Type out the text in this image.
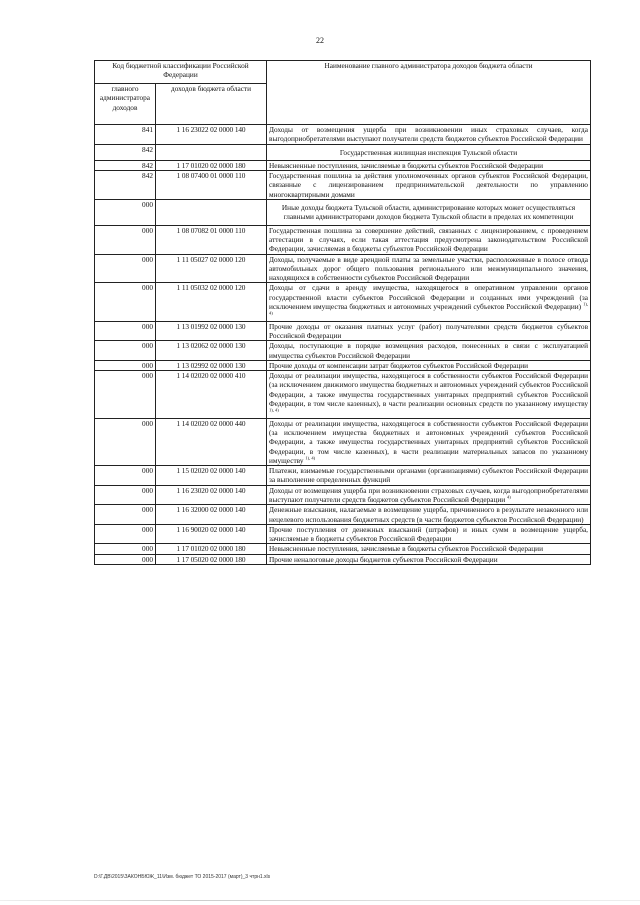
22
Код бюджетной классификации Российской Федерации		Наименование главного администратора доходов бюджета области
главного администратора доходов	доходов бюджета области	
841	1 16 23022 02 0000 140	Доходы от возмещения ущерба при возникновении иных страховых случаев, когда выгодоприобретателями выступают получатели средств бюджетов субъектов Российской Федерации
842		Государственная жилищная инспекция Тульской области
842	1 17 01020 02 0000 180	Невыясненные поступления, зачисляемые в бюджеты субъектов Российской Федерации
842	1 08 07400 01 0000 110	Государственная пошлина за действия уполномоченных органов субъектов Российской Федерации, связанные с лицензированием предпринимательской деятельности по управлению многоквартирными домами
000		Иные доходы бюджета Тульской области, администрирование которых может осуществляться главными администраторами доходов бюджета Тульской области в пределах их компетенции
000	1 08 07082 01 0000 110	Государственная пошлина за совершение действий, связанных с лицензированием, с проведением аттестации в случаях, если такая аттестация предусмотрена законодательством Российской Федерации, зачисляемая в бюджеты субъектов Российской Федерации
000	1 11 05027 02 0000 120	Доходы, получаемые в виде арендной платы за земельные участки, расположенные в полосе отвода автомобильных дорог общего пользования регионального или межмуниципального значения, находящихся в собственности субъектов Российской Федерации
000	1 11 05032 02 0000 120	Доходы от сдачи в аренду имущества, находящегося в оперативном управлении органов государственной власти субъектов Российской Федерации и созданных ими учреждений (за исключением имущества бюджетных и автономных учреждений субъектов Российской Федерации) $^{1), 4)}$
000	1 13 01992 02 0000 130	Прочие доходы от оказания платных услуг (работ) получателями средств бюджетов субъектов Российской Федерации
000	1 13 02062 02 0000 130	Доходы, поступающие в порядке возмещения расходов, понесенных в связи с эксплуатацией имущества субъектов Российской Федерации
000	1 13 02992 02 0000 130	Прочие доходы от компенсации затрат бюджетов субъектов Российской Федерации
000	1 14 02020 02 0000 410	Доходы от реализации имущества, находящегося в собственности субъектов Российской Федерации (за исключением движимого имущества бюджетных и автономных учреждений субъектов Российской Федерации, а также имущества государственных унитарных предприятий субъектов Российской Федерации, в том числе казенных), в части реализации основных средств по указанному имуществу $^{1), 4)}$
000	1 14 02020 02 0000 440	Доходы от реализации имущества, находящегося в собственности субъектов Российской Федерации (за исключением имущества бюджетных и автономных учреждений субъектов Российской Федерации, а также имущества государственных унитарных предприятий субъектов Российской Федерации, в том числе казенных), в части реализации материальных запасов по указанному имуществу $^{1), 4)}$
000	1 15 02020 02 0000 140	Платежи, взимаемые государственными органами (организациями) субъектов Российской Федерации за выполнение определенных функций
000	1 16 23020 02 0000 140	Доходы от возмещения ущерба при возникновении страховых случаев, когда выгодоприобретателями выступают получатели средств бюджетов субъектов Российской Федерации $^{4)}$
000	1 16 32000 02 0000 140	Денежные взыскания, налагаемые в возмещение ущерба, причиненного в результате незаконного или нецелевого использования бюджетных средств (в части бюджетов субъектов Российской Федерации)
000	1 16 90020 02 0000 140	Прочие поступления от денежных взысканий (штрафов) и иных сумм в возмещение ущерба, зачисляемые в бюджеты субъектов Российской Федерации
000	1 17 01020 02 0000 180	Невыясненные поступления, зачисляемые в бюджеты субъектов Российской Федерации
000	1 17 05020 02 0000 180	Прочие неналоговые доходы бюджетов субъектов Российской Федерации
D:\Г.ДВ\2015\ЗАКОНБЮЖ_11\Изм. бюджет ТО 2015-2017 (март)_3 чтрн1.xls
